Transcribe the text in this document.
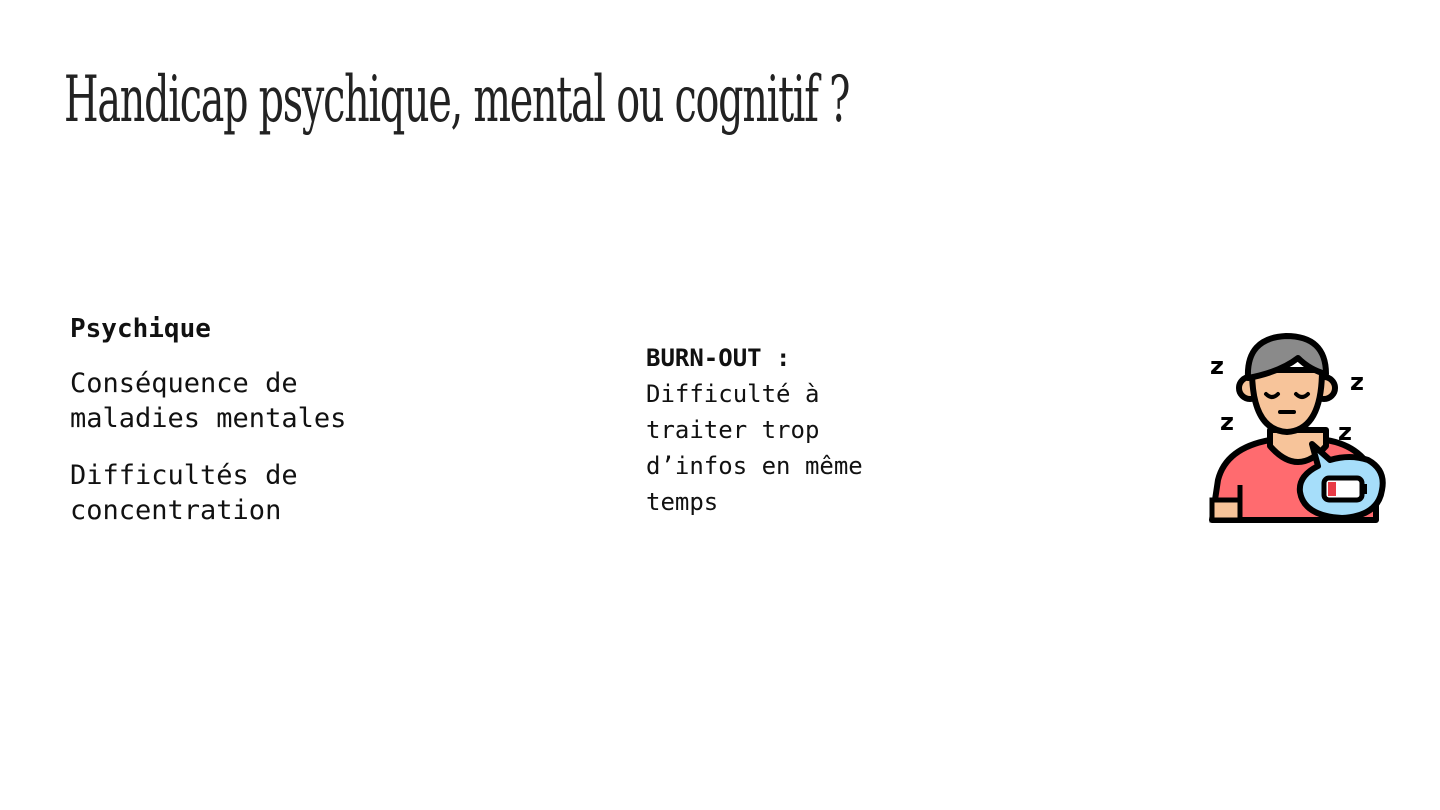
Handicap psychique, mental ou cognitif ?
Psychique

Conséquence de
maladies mentales

Difficultés de
concentration

BURN-OUT :

Difficulté à
traiter trop
d’infos en même
temps

z
z
z
z
